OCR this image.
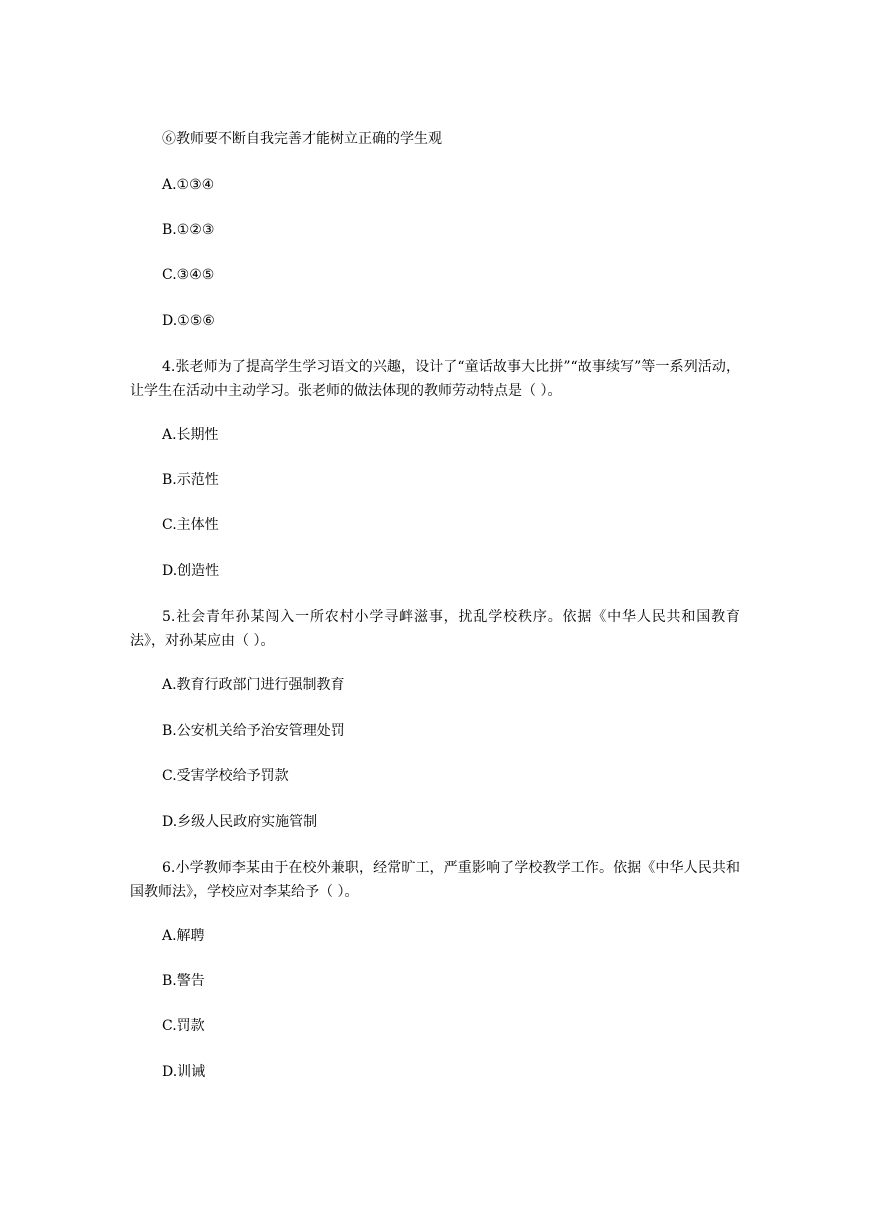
⑥教师要不断自我完善才能树立正确的学生观

A.①③④

B.①②③

C.③④⑤

D.①⑤⑥

4.张老师为了提高学生学习语文的兴趣，设计了“童话故事大比拼”“故事续写”等一系列活动，让学生在活动中主动学习。张老师的做法体现的教师劳动特点是（ ）。

A.长期性

B.示范性

C.主体性

D.创造性

5.社会青年孙某闯入一所农村小学寻衅滋事，扰乱学校秩序。依据《中华人民共和国教育法》，对孙某应由（ ）。

A.教育行政部门进行强制教育

B.公安机关给予治安管理处罚

C.受害学校给予罚款

D.乡级人民政府实施管制

6.小学教师李某由于在校外兼职，经常旷工，严重影响了学校教学工作。依据《中华人民共和国教师法》，学校应对李某给予（ ）。

A.解聘

B.警告

C.罚款

D.训诫
